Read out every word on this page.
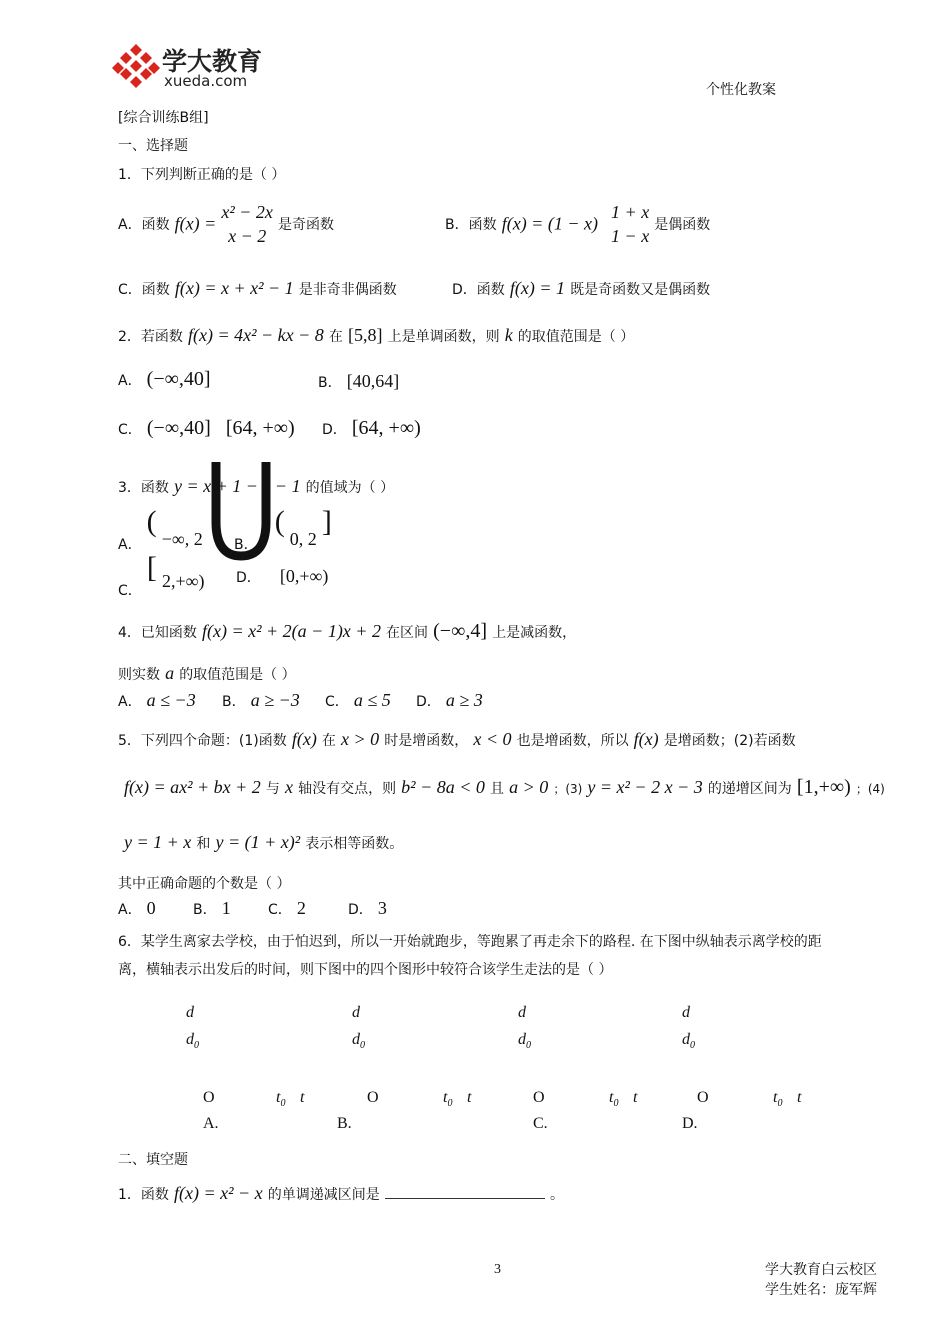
学大教育
xueda.com	个性化教案
[综合训练B组]
一、选择题
1．下列判断正确的是（ ）
A．函数 f(x) =
x² − 2x
x − 2
是奇函数	B．函数 f(x) = (1 − x)
1 + x
1 − x
是偶函数
C．函数 f(x) = x + x² − 1 是非奇非偶函数	D．函数 f(x) = 1 既是奇函数又是偶函数
2．若函数 f(x) = 4x² − kx − 8 在 [5,8] 上是单调函数，则 k 的取值范围是（ ）
A． (−∞,40]	B． [40,64]
C． (−∞,40] [64, +∞) D． [64, +∞)
3．函数 y = x + 1 − x − 1 的值域为（ ）
A． ( −∞, 2 B． ( 0, 2 ]
C． [ 2,+∞) D． [0,+∞)
4．已知函数 f(x) = x² + 2(a − 1)x + 2 在区间 (−∞,4] 上是减函数，
则实数 a 的取值范围是（ ）
A． a ≤ −3 B． a ≥ −3 C． a ≤ 5 D． a ≥ 3
5．下列四个命题：(1)函数 f(x) 在 x > 0 时是增函数， x < 0 也是增函数，所以 f(x) 是增函数；(2)若函数
f(x) = ax² + bx + 2 与 x 轴没有交点，则 b² − 8a < 0 且 a > 0 ；(3) y = x² − 2 x − 3 的递增区间为 [1,+∞) ；(4)
y = 1 + x 和 y = (1 + x)² 表示相等函数。
其中正确命题的个数是（ ）
A． 0	B． 1	C． 2	D． 3
6．某学生离家去学校，由于怕迟到，所以一开始就跑步，等跑累了再走余下的路程. 在下图中纵轴表示离学校的距
离，横轴表示出发后的时间，则下图中的四个图形中较符合该学生走法的是（ ）
d
$d_0$
O	$t_0$ t
A.
d
$d_0$
O	$t_0$ t
B.
d
$d_0$
O	$t_0$ t
C.
d
$d_0$
O	$t_0$ t
D.
二、填空题
1．函数 f(x) = x² − x 的单调递减区间是	。
3	学大教育白云校区
学生姓名：庞军辉
